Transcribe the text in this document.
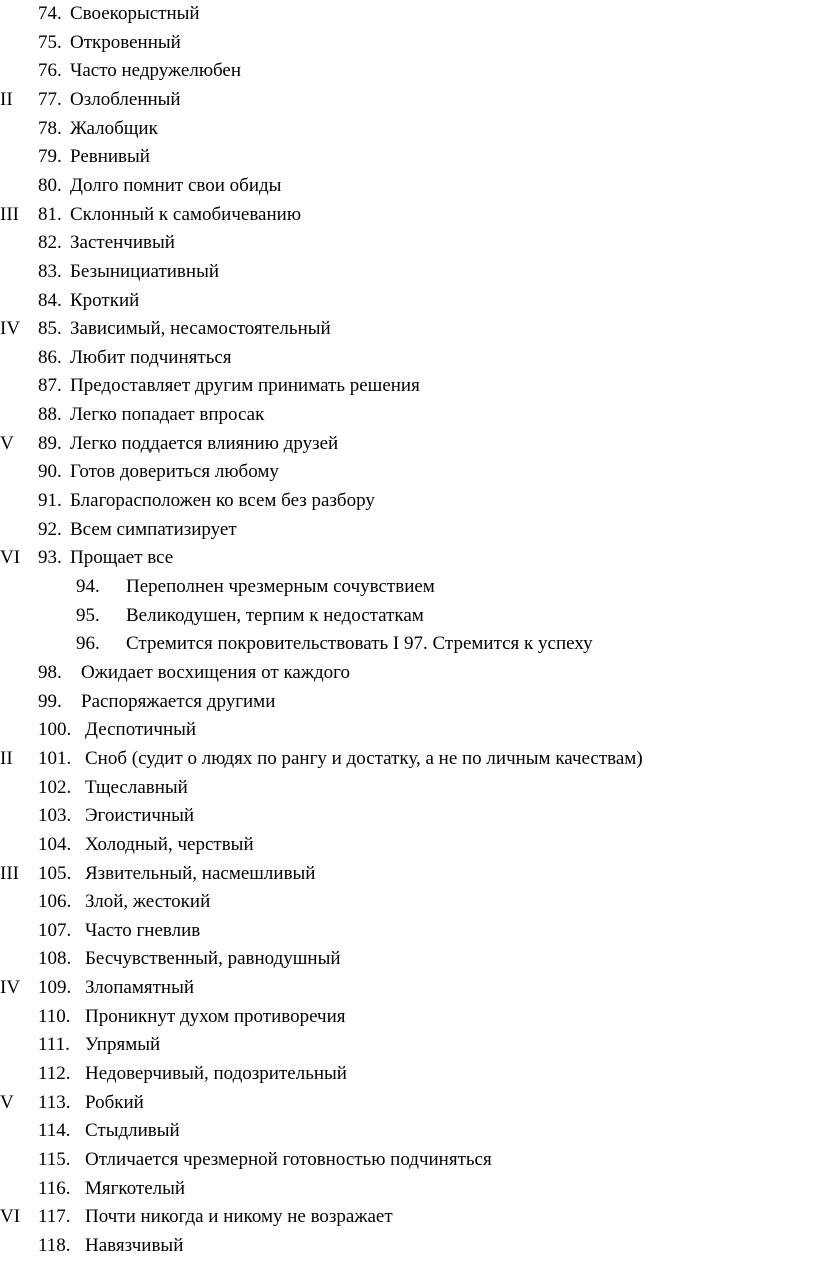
74. Своекорыстный
75. Откровенный
76. Часто недружелюбен
II 77. Озлобленный
78. Жалобщик
79. Ревнивый
80. Долго помнит свои обиды
III 81. Склонный к самобичеванию
82. Застенчивый
83. Безынициативный
84. Кроткий
IV 85. Зависимый, несамостоятельный
86. Любит подчиняться
87. Предоставляет другим принимать решения
88. Легко попадает впросак
V 89. Легко поддается влиянию друзей
90. Готов довериться любому
91. Благорасположен ко всем без разбору
92. Всем симпатизирует
VI 93. Прощает все
94. Переполнен чрезмерным сочувствием
95. Великодушен, терпим к недостаткам
96. Стремится покровительствовать I 97. Стремится к успеху
98. Ожидает восхищения от каждого
99. Распоряжается другими
100. Деспотичный
II 101. Сноб (судит о людях по рангу и достатку, а не по личным качествам)
102. Тщеславный
103. Эгоистичный
104. Холодный, черствый
III 105. Язвительный, насмешливый
106. Злой, жестокий
107. Часто гневлив
108. Бесчувственный, равнодушный
IV 109. Злопамятный
110. Проникнут духом противоречия
111. Упрямый
112. Недоверчивый, подозрительный
V 113. Робкий
114. Стыдливый
115. Отличается чрезмерной готовностью подчиняться
116. Мягкотелый
VI 117. Почти никогда и никому не возражает
118. Навязчивый
